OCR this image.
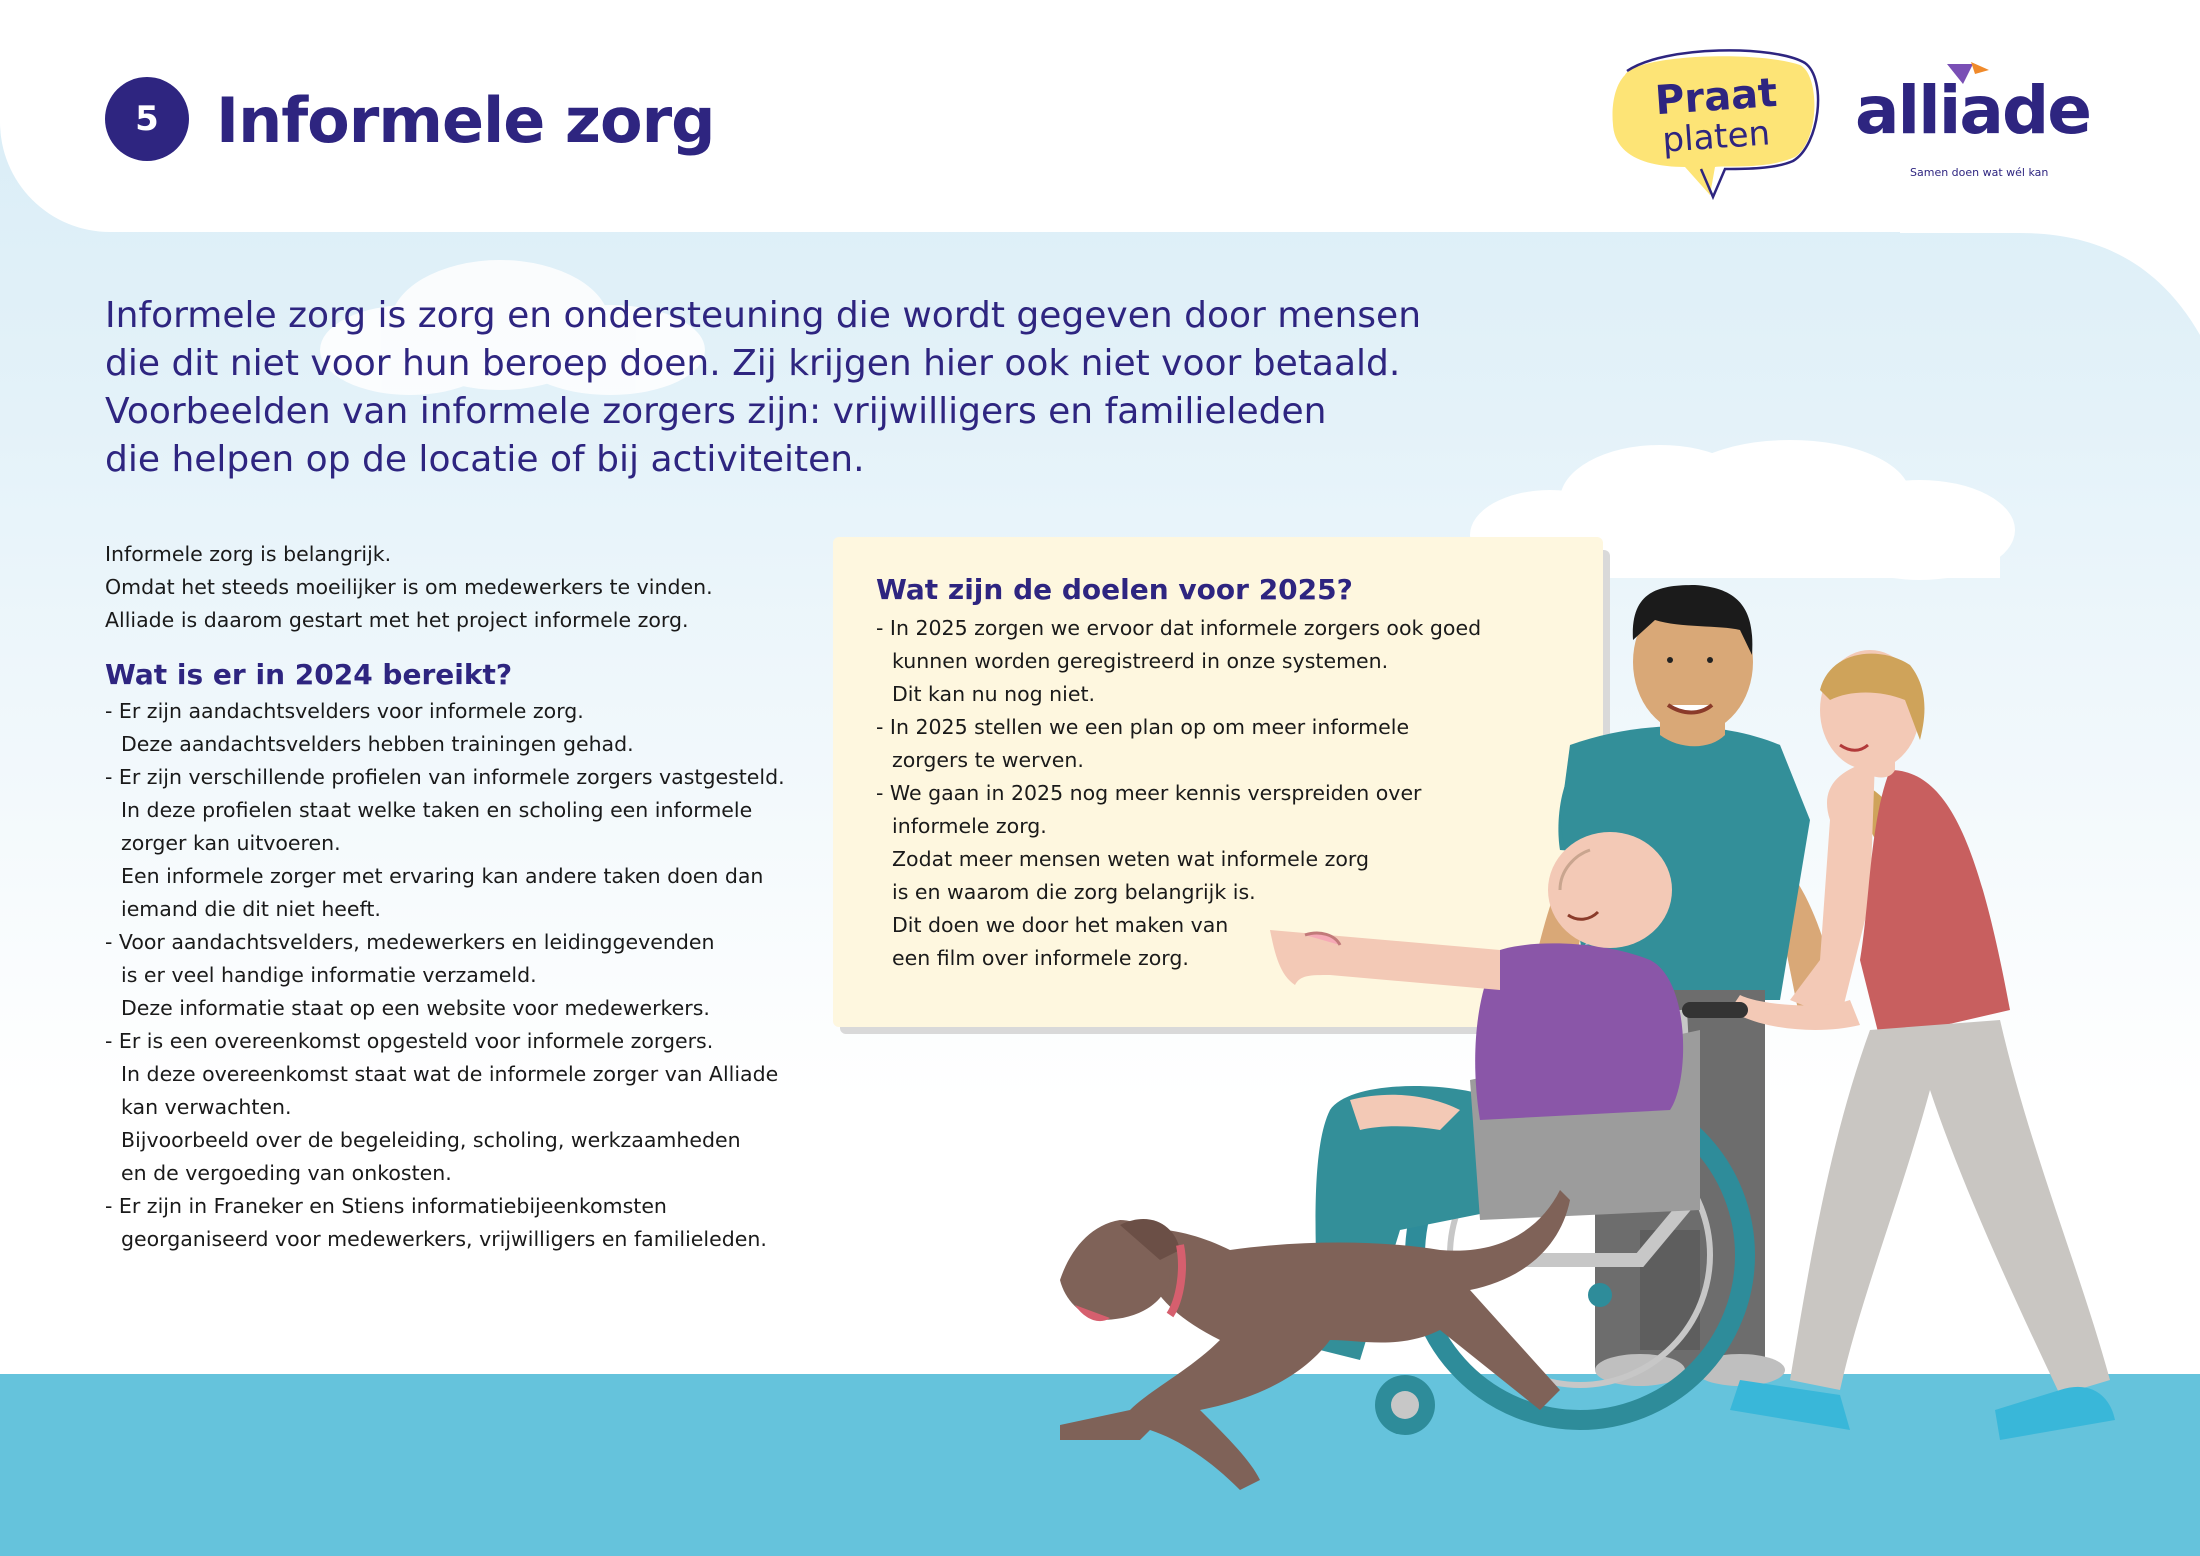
5 Informele zorg	Praat
platen alliade
Samen doen wat wél kan

Informele zorg is zorg en ondersteuning die wordt gegeven door mensen

die dit niet voor hun beroep doen. Zij krijgen hier ook niet voor betaald.

Voorbeelden van informele zorgers zijn: vrijwilligers en familieleden

die helpen op de locatie of bij activiteiten.

Informele zorg is belangrijk.

Omdat het steeds moeilijker is om medewerkers te vinden.

Alliade is daarom gestart met het project informele zorg.

Wat is er in 2024 bereikt?

- Er zijn aandachtsvelders voor informele zorg.

Deze aandachtsvelders hebben trainingen gehad.

- Er zijn verschillende profielen van informele zorgers vastgesteld.

In deze profielen staat welke taken en scholing een informele

zorger kan uitvoeren.

Een informele zorger met ervaring kan andere taken doen dan

iemand die dit niet heeft.

- Voor aandachtsvelders, medewerkers en leidinggevenden

is er veel handige informatie verzameld.

Deze informatie staat op een website voor medewerkers.

- Er is een overeenkomst opgesteld voor informele zorgers.

In deze overeenkomst staat wat de informele zorger van Alliade

kan verwachten.

Bijvoorbeeld over de begeleiding, scholing, werkzaamheden

en de vergoeding van onkosten.

- Er zijn in Franeker en Stiens informatiebijeenkomsten

georganiseerd voor medewerkers, vrijwilligers en familieleden.

Wat zijn de doelen voor 2025?

- In 2025 zorgen we ervoor dat informele zorgers ook goed

kunnen worden geregistreerd in onze systemen.

Dit kan nu nog niet.

- In 2025 stellen we een plan op om meer informele

zorgers te werven.

- We gaan in 2025 nog meer kennis verspreiden over

informele zorg.

Zodat meer mensen weten wat informele zorg

is en waarom die zorg belangrijk is.

Dit doen we door het maken van

een film over informele zorg.
